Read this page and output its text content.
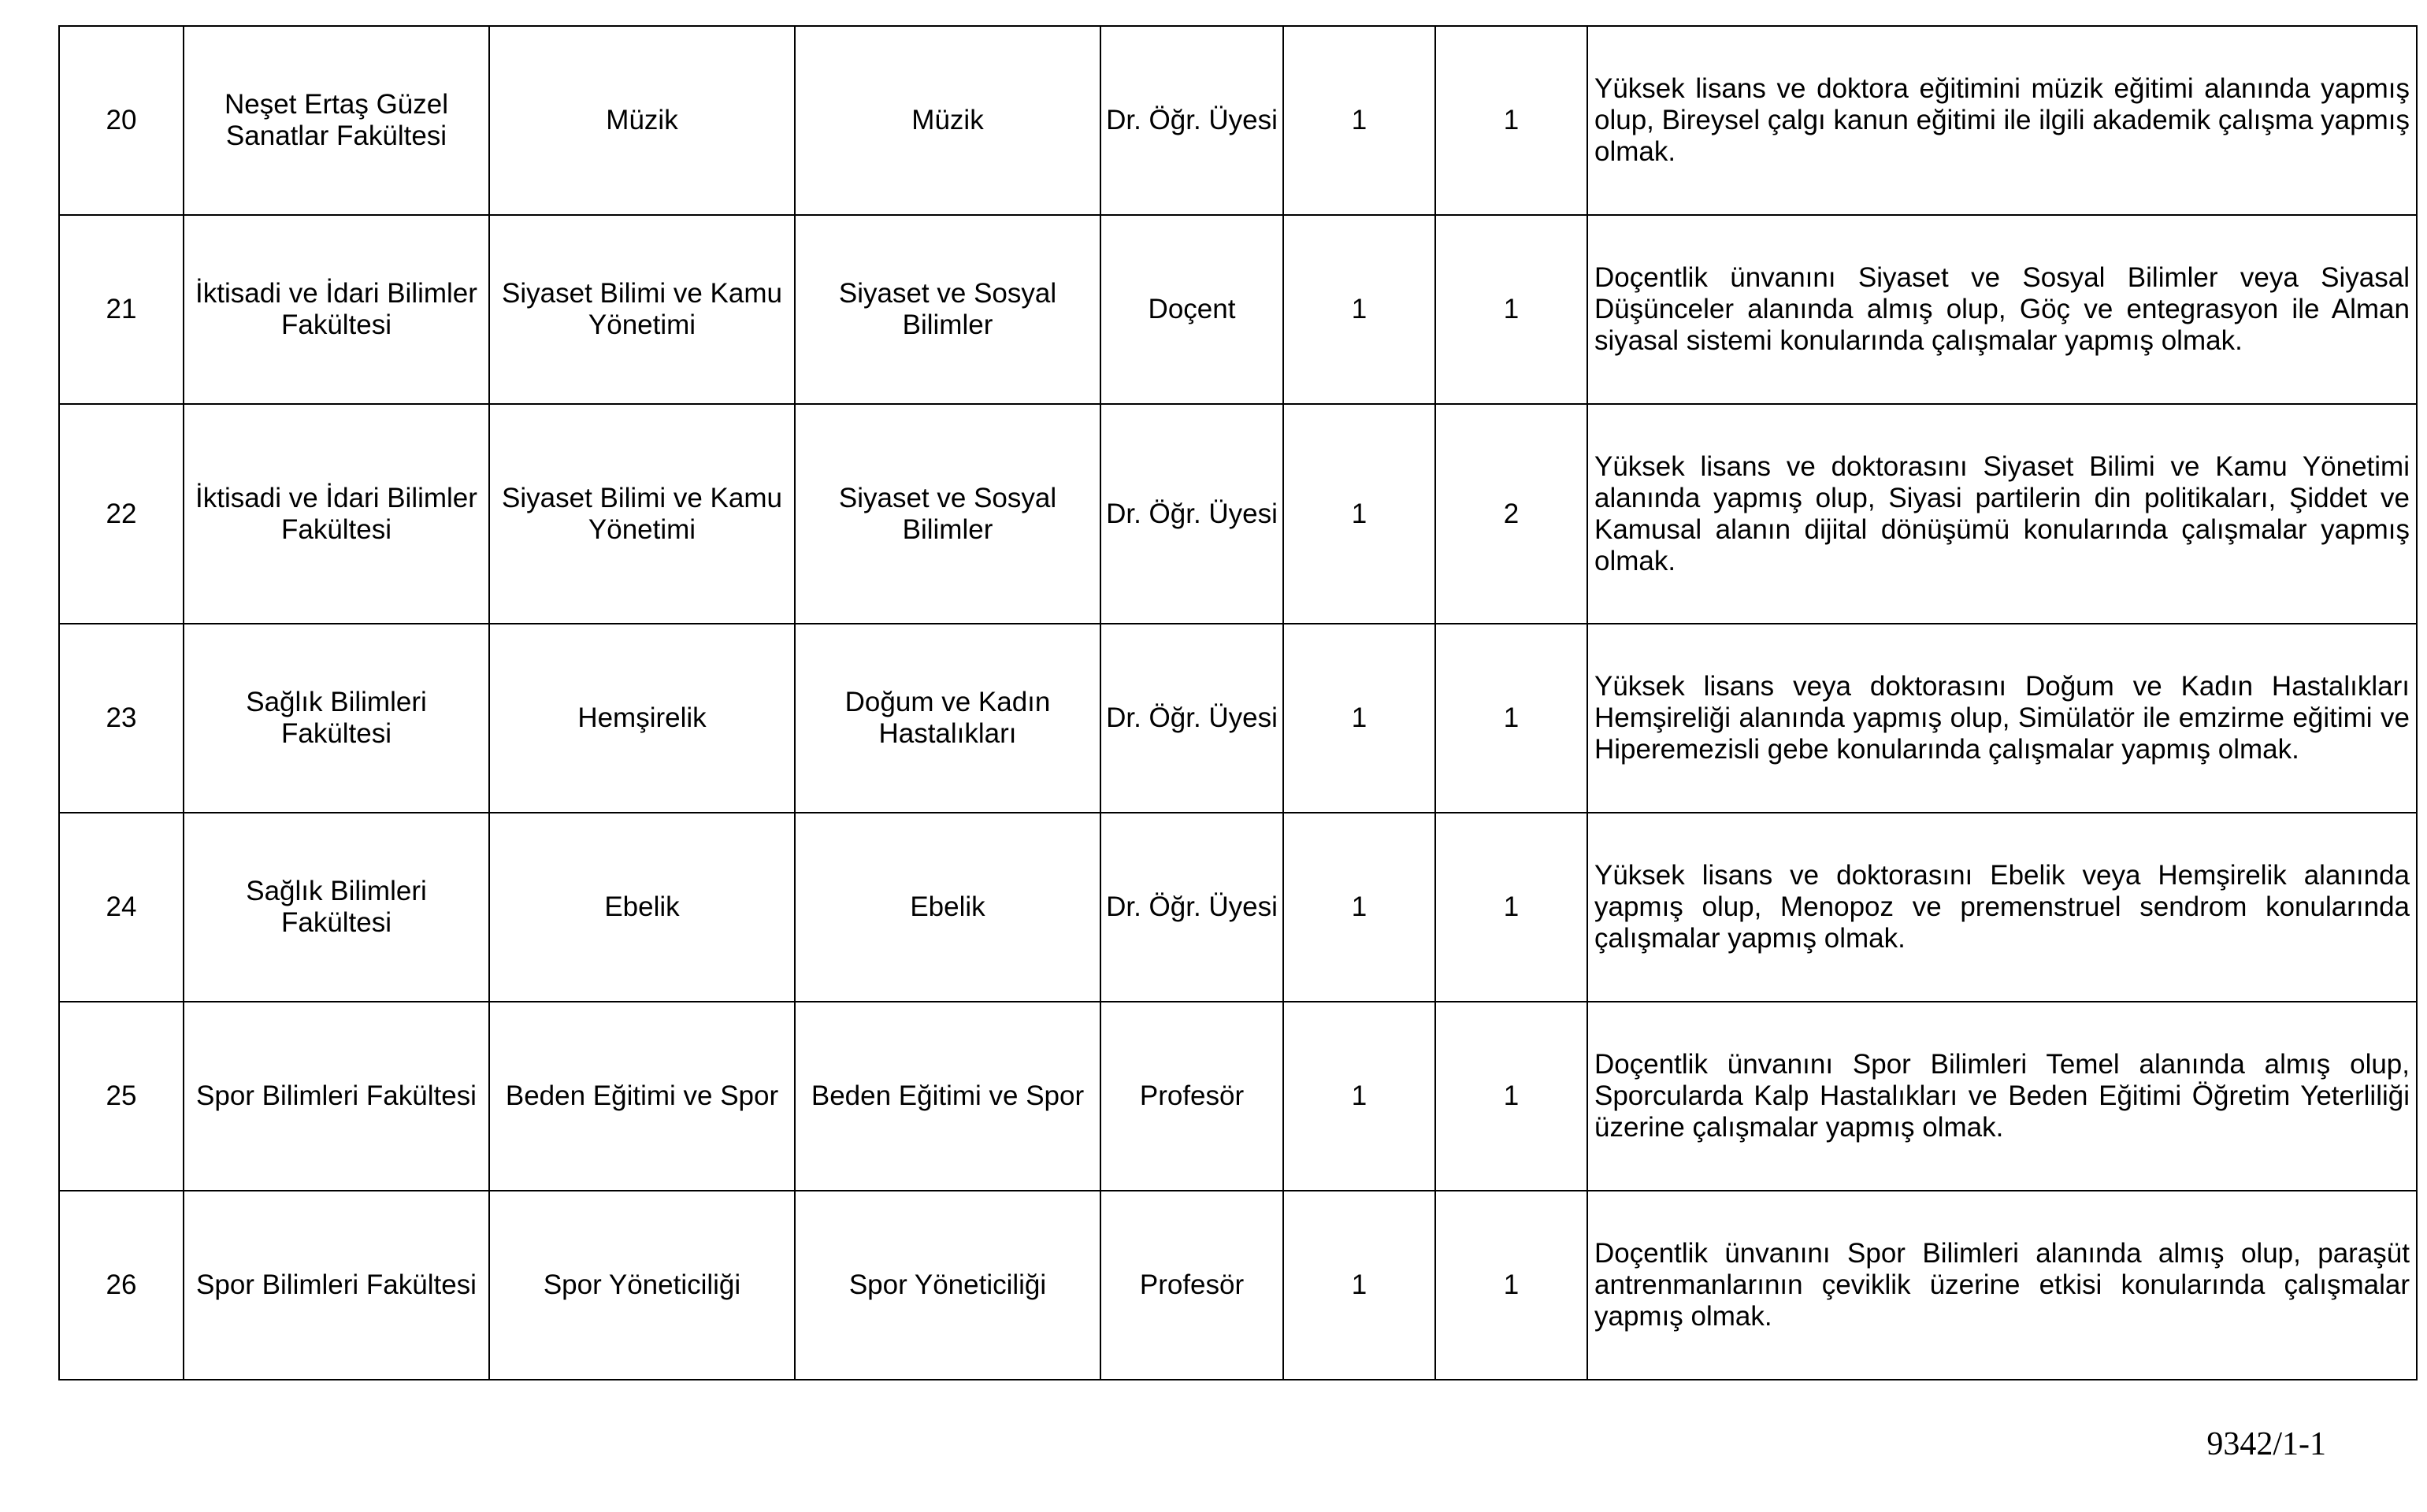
20	Neşet Ertaş Güzel Sanatlar Fakültesi	Müzik	Müzik	Dr. Öğr. Üyesi	1	1	Yüksek lisans ve doktora eğitimini müzik eğitimi alanında yapmış olup, Bireysel çalgı kanun eğitimi ile ilgili akademik çalışma yapmış olmak.
21	İktisadi ve İdari Bilimler Fakültesi	Siyaset Bilimi ve Kamu Yönetimi	Siyaset ve Sosyal Bilimler	Doçent	1	1	Doçentlik ünvanını Siyaset ve Sosyal Bilimler veya Siyasal Düşünceler alanında almış olup, Göç ve entegrasyon ile Alman siyasal sistemi konularında çalışmalar yapmış olmak.
22	İktisadi ve İdari Bilimler Fakültesi	Siyaset Bilimi ve Kamu Yönetimi	Siyaset ve Sosyal Bilimler	Dr. Öğr. Üyesi	1	2	Yüksek lisans ve doktorasını Siyaset Bilimi ve Kamu Yönetimi alanında yapmış olup, Siyasi partilerin din politikaları, Şiddet ve Kamusal alanın dijital dönüşümü konularında çalışmalar yapmış olmak.
23	Sağlık Bilimleri Fakültesi	Hemşirelik	Doğum ve Kadın Hastalıkları	Dr. Öğr. Üyesi	1	1	Yüksek lisans veya doktorasını Doğum ve Kadın Hastalıkları Hemşireliği alanında yapmış olup, Simülatör ile emzirme eğitimi ve Hiperemezisli gebe konularında çalışmalar yapmış olmak.
24	Sağlık Bilimleri Fakültesi	Ebelik	Ebelik	Dr. Öğr. Üyesi	1	1	Yüksek lisans ve doktorasını Ebelik veya Hemşirelik alanında yapmış olup, Menopoz ve premenstruel sendrom konularında çalışmalar yapmış olmak.
25	Spor Bilimleri Fakültesi	Beden Eğitimi ve Spor	Beden Eğitimi ve Spor	Profesör	1	1	Doçentlik ünvanını Spor Bilimleri Temel alanında almış olup, Sporcularda Kalp Hastalıkları ve Beden Eğitimi Öğretim Yeterliliği üzerine çalışmalar yapmış olmak.
26	Spor Bilimleri Fakültesi	Spor Yöneticiliği	Spor Yöneticiliği	Profesör	1	1	Doçentlik ünvanını Spor Bilimleri alanında almış olup, paraşüt antrenmanlarının çeviklik üzerine etkisi konularında çalışmalar yapmış olmak.
9342/1-1
